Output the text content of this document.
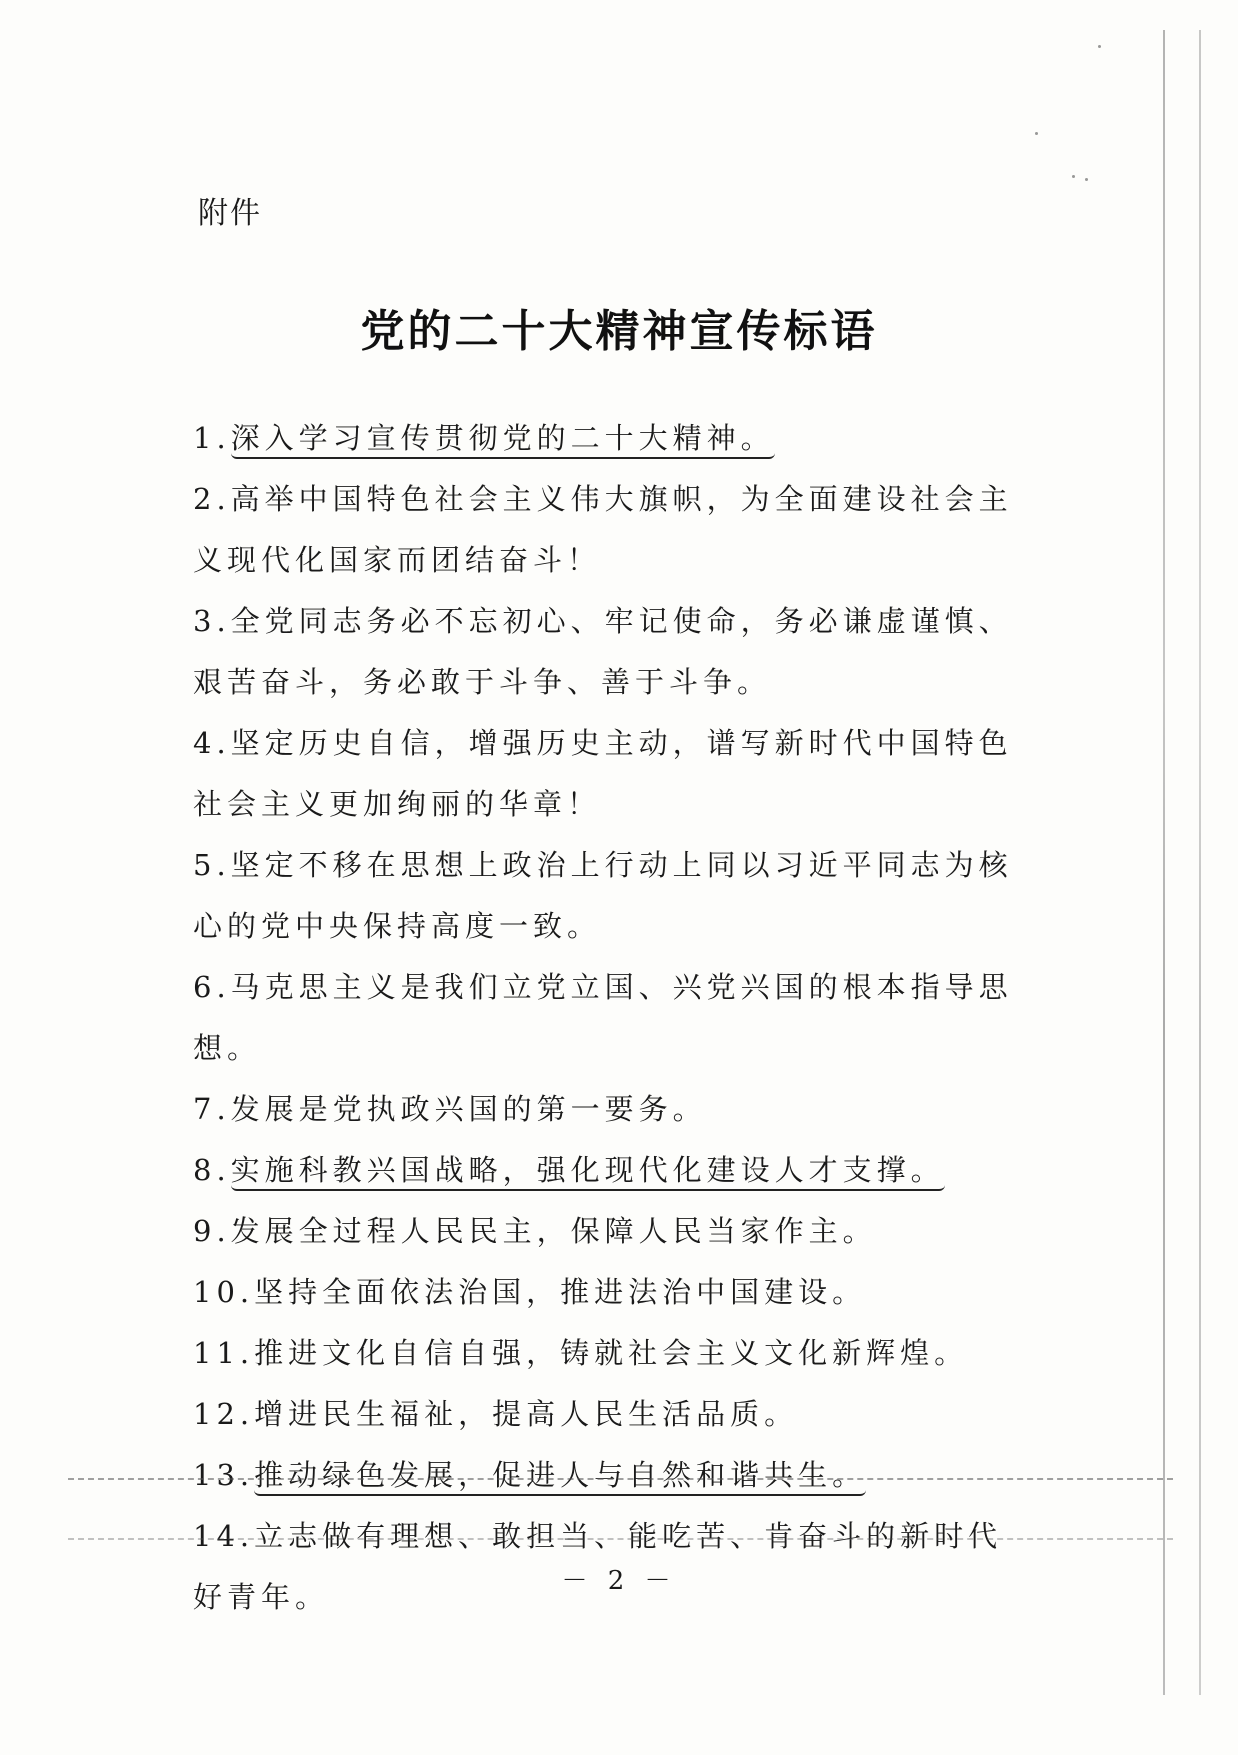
附件
党的二十大精神宣传标语

1.深入学习宣传贯彻党的二十大精神。

2.高举中国特色社会主义伟大旗帜，为全面建设社会主义现代化国家而团结奋斗！

3.全党同志务必不忘初心、牢记使命，务必谦虚谨慎、艰苦奋斗，务必敢于斗争、善于斗争。

4.坚定历史自信，增强历史主动，谱写新时代中国特色社会主义更加绚丽的华章！

5.坚定不移在思想上政治上行动上同以习近平同志为核心的党中央保持高度一致。

6.马克思主义是我们立党立国、兴党兴国的根本指导思想。

7.发展是党执政兴国的第一要务。

8.实施科教兴国战略，强化现代化建设人才支撑。

9.发展全过程人民民主，保障人民当家作主。

10.坚持全面依法治国，推进法治中国建设。

11.推进文化自信自强，铸就社会主义文化新辉煌。

12.增进民生福祉，提高人民生活品质。

13.推动绿色发展，促进人与自然和谐共生。

14.立志做有理想、敢担当、能吃苦、肯奋斗的新时代好青年。	－ 2 －
